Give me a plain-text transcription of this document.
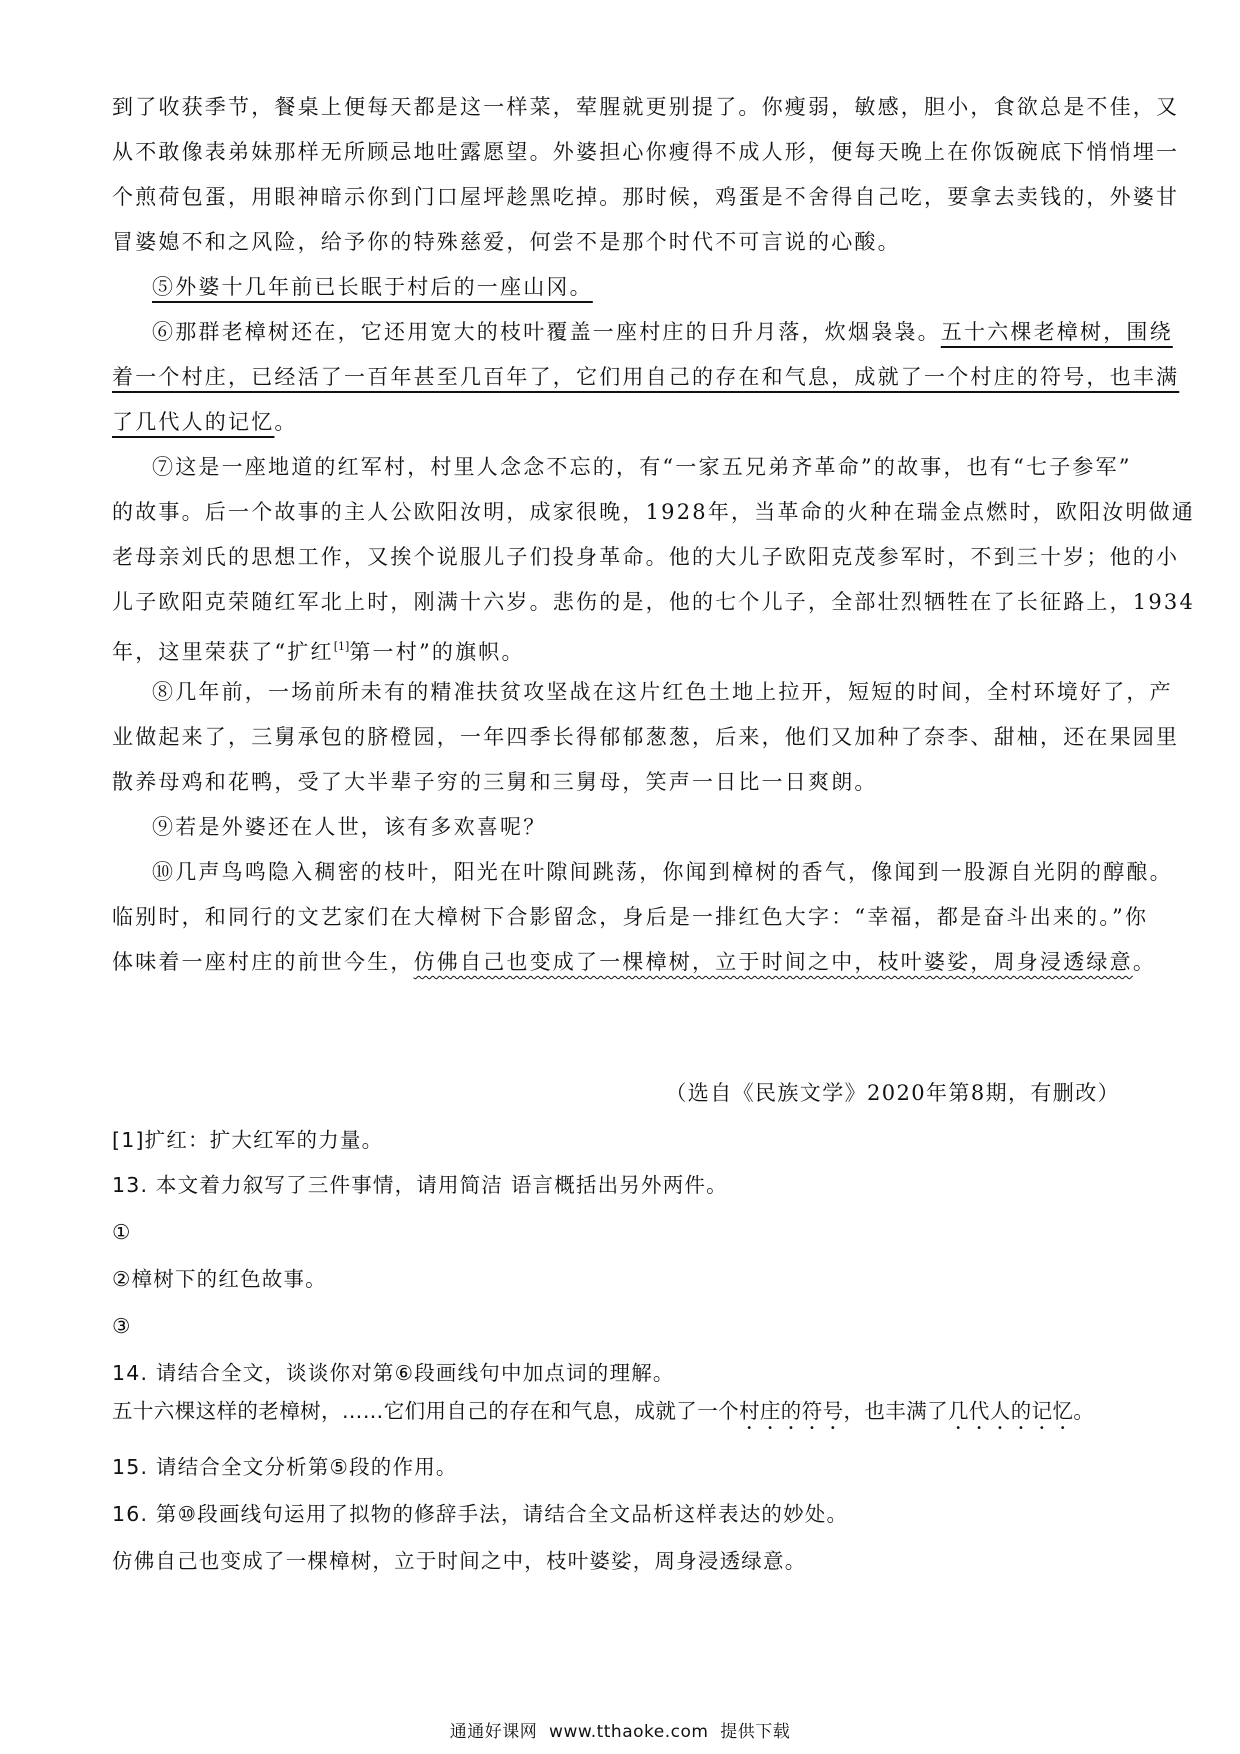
到了收获季节，餐桌上便每天都是这一样菜，荤腥就更别提了。你瘦弱，敏感，胆小，食欲总是不佳，又

从不敢像表弟妹那样无所顾忌地吐露愿望。外婆担心你瘦得不成人形，便每天晚上在你饭碗底下悄悄埋一

个煎荷包蛋，用眼神暗示你到门口屋坪趁黑吃掉。那时候，鸡蛋是不舍得自己吃，要拿去卖钱的，外婆甘

冒婆媳不和之风险，给予你的特殊慈爱，何尝不是那个时代不可言说的心酸。

⑤外婆十几年前已长眠于村后的一座山冈。

⑥那群老樟树还在，它还用宽大的枝叶覆盖一座村庄的日升月落，炊烟袅袅。五十六棵老樟树，围绕

着一个村庄，已经活了一百年甚至几百年了，它们用自己的存在和气息，成就了一个村庄的符号，也丰满

了几代人的记忆。

⑦这是一座地道的红军村，村里人念念不忘的，有“一家五兄弟齐革命”的故事，也有“七子参军”

的故事。后一个故事的主人公欧阳汝明，成家很晚，1928年，当革命的火种在瑞金点燃时，欧阳汝明做通

老母亲刘氏的思想工作，又挨个说服儿子们投身革命。他的大儿子欧阳克茂参军时，不到三十岁；他的小

儿子欧阳克荣随红军北上时，刚满十六岁。悲伤的是，他的七个儿子，全部壮烈牺牲在了长征路上，1934

年，这里荣获了“扩红[1]第一村”的旗帜。

⑧几年前，一场前所未有的精准扶贫攻坚战在这片红色土地上拉开，短短的时间，全村环境好了，产

业做起来了，三舅承包的脐橙园，一年四季长得郁郁葱葱，后来，他们又加种了奈李、甜柚，还在果园里

散养母鸡和花鸭，受了大半辈子穷的三舅和三舅母，笑声一日比一日爽朗。

⑨若是外婆还在人世，该有多欢喜呢？

⑩几声鸟鸣隐入稠密的枝叶，阳光在叶隙间跳荡，你闻到樟树的香气，像闻到一股源自光阴的醇酿。

临别时，和同行的文艺家们在大樟树下合影留念，身后是一排红色大字：“幸福，都是奋斗出来的。”你

体味着一座村庄的前世今生，仿佛自己也变成了一棵樟树，立于时间之中，枝叶婆娑，周身浸透绿意。

（选自《民族文学》2020年第8期，有删改）

[1]扩红：扩大红军的力量。

13. 本文着力叙写了三件事情，请用简洁 语言概括出另外两件。

①

②樟树下的红色故事。

③

14. 请结合全文，谈谈你对第⑥段画线句中加点词的理解。

五十六棵这样的老樟树，……它们用自己的存在和气息，成就了一个村庄的符号，也丰满了几代人的记忆。

15. 请结合全文分析第⑤段的作用。

16. 第⑩段画线句运用了拟物的修辞手法，请结合全文品析这样表达的妙处。

仿佛自己也变成了一棵樟树，立于时间之中，枝叶婆娑，周身浸透绿意。

通通好课网  www.tthaoke.com  提供下载
